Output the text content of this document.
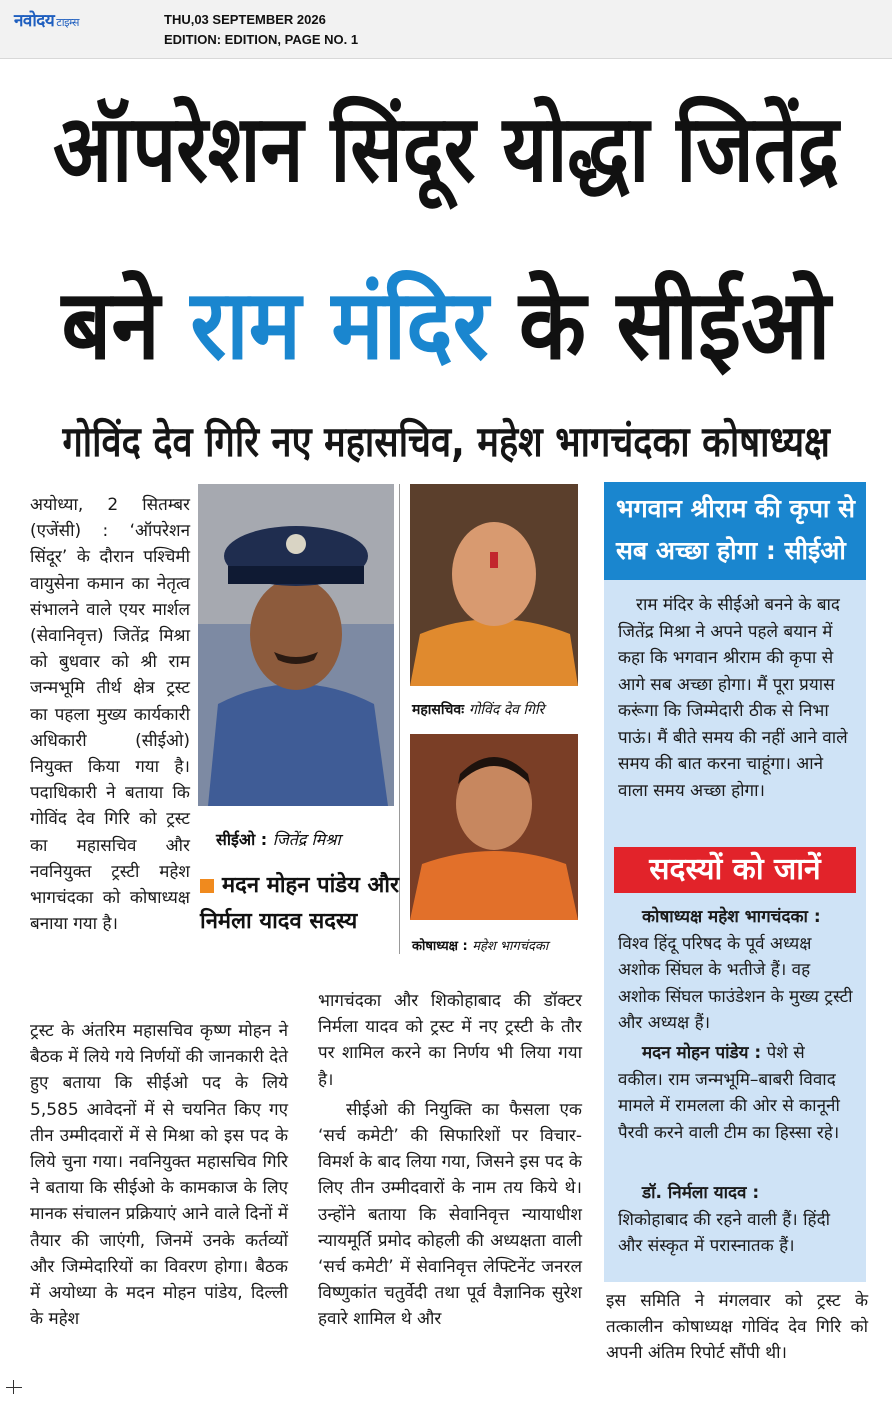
नवोदय टाइम्स	THU,03 SEPTEMBER 2026
EDITION: EDITION, PAGE NO. 1
ऑपरेशन सिंदूर योद्धा जितेंद्र
बने राम मंदिर के सीईओ
गोविंद देव गिरि नए महासचिव, महेश भागचंदका कोषाध्यक्ष

अयोध्या, 2 सितम्बर (एजेंसी) : ‘ऑपरेशन सिंदूर’ के दौरान पश्चिमी वायुसेना कमान का नेतृत्व संभालने वाले एयर मार्शल (सेवानिवृत्त) जितेंद्र मिश्रा को बुधवार को श्री राम जन्मभूमि तीर्थ क्षेत्र ट्रस्ट का पहला मुख्य कार्यकारी अधिकारी (सीईओ) नियुक्त किया गया है। पदाधिकारी ने बताया कि गोविंद देव गिरि को ट्रस्ट का महासचिव और नवनियुक्त ट्रस्टी महेश भागचंदका को कोषाध्यक्ष बनाया गया है।

ट्रस्ट के अंतरिम महासचिव कृष्ण मोहन ने बैठक में लिये गये निर्णयों की जानकारी देते हुए बताया कि सीईओ पद के लिये 5,585 आवेदनों में से चयनित किए गए तीन उम्मीदवारों में से मिश्रा को इस पद के लिये चुना गया। नवनियुक्त महासचिव गिरि ने बताया कि सीईओ के कामकाज के लिए मानक संचालन प्रक्रियाएं आने वाले दिनों में तैयार की जाएंगी, जिनमें उनके कर्तव्यों और जिम्मेदारियों का विवरण होगा। बैठक में अयोध्या के मदन मोहन पांडेय, दिल्ली के महेश

सीईओ : जितेंद्र मिश्रा
महासचिवः गोविंद देव गिरि
कोषाध्यक्ष : महेश भागचंदका
मदन मोहन पांडेय और निर्मला यादव सदस्य

भागचंदका और शिकोहाबाद की डॉक्टर निर्मला यादव को ट्रस्ट में नए ट्रस्टी के तौर पर शामिल करने का निर्णय भी लिया गया है।

सीईओ की नियुक्ति का फैसला एक ‘सर्च कमेटी’ की सिफारिशों पर विचार-विमर्श के बाद लिया गया, जिसने इस पद के लिए तीन उम्मीदवारों के नाम तय किये थे। उन्होंने बताया कि सेवानिवृत्त न्यायाधीश न्यायमूर्ति प्रमोद कोहली की अध्यक्षता वाली ‘सर्च कमेटी’ में सेवानिवृत्त लेफ्टिनेंट जनरल विष्णुकांत चतुर्वेदी तथा पूर्व वैज्ञानिक सुरेश हवारे शामिल थे और

भगवान श्रीराम की कृपा से सब अच्छा होगा : सीईओ

राम मंदिर के सीईओ बनने के बाद जितेंद्र मिश्रा ने अपने पहले बयान में कहा कि भगवान श्रीराम की कृपा से आगे सब अच्छा होगा। मैं पूरा प्रयास करूंगा कि जिम्मेदारी ठीक से निभा पाऊं। मैं बीते समय की नहीं आने वाले समय की बात करना चाहूंगा। आने वाला समय अच्छा होगा।

सदस्यों को जानें

कोषाध्यक्ष महेश भागचंदका :

विश्व हिंदू परिषद के पूर्व अध्यक्ष अशोक सिंघल के भतीजे हैं। वह अशोक सिंघल फाउंडेशन के मुख्य ट्रस्टी और अध्यक्ष हैं।

मदन मोहन पांडेय : पेशे से वकील। राम जन्मभूमि–बाबरी विवाद मामले में रामलला की ओर से कानूनी पैरवी करने वाली टीम का हिस्सा रहे।

डॉ. निर्मला यादव :

शिकोहाबाद की रहने वाली हैं। हिंदी और संस्कृत में परास्नातक हैं।

इस समिति ने मंगलवार को ट्रस्ट के तत्कालीन कोषाध्यक्ष गोविंद देव गिरि को अपनी अंतिम रिपोर्ट सौंपी थी।
